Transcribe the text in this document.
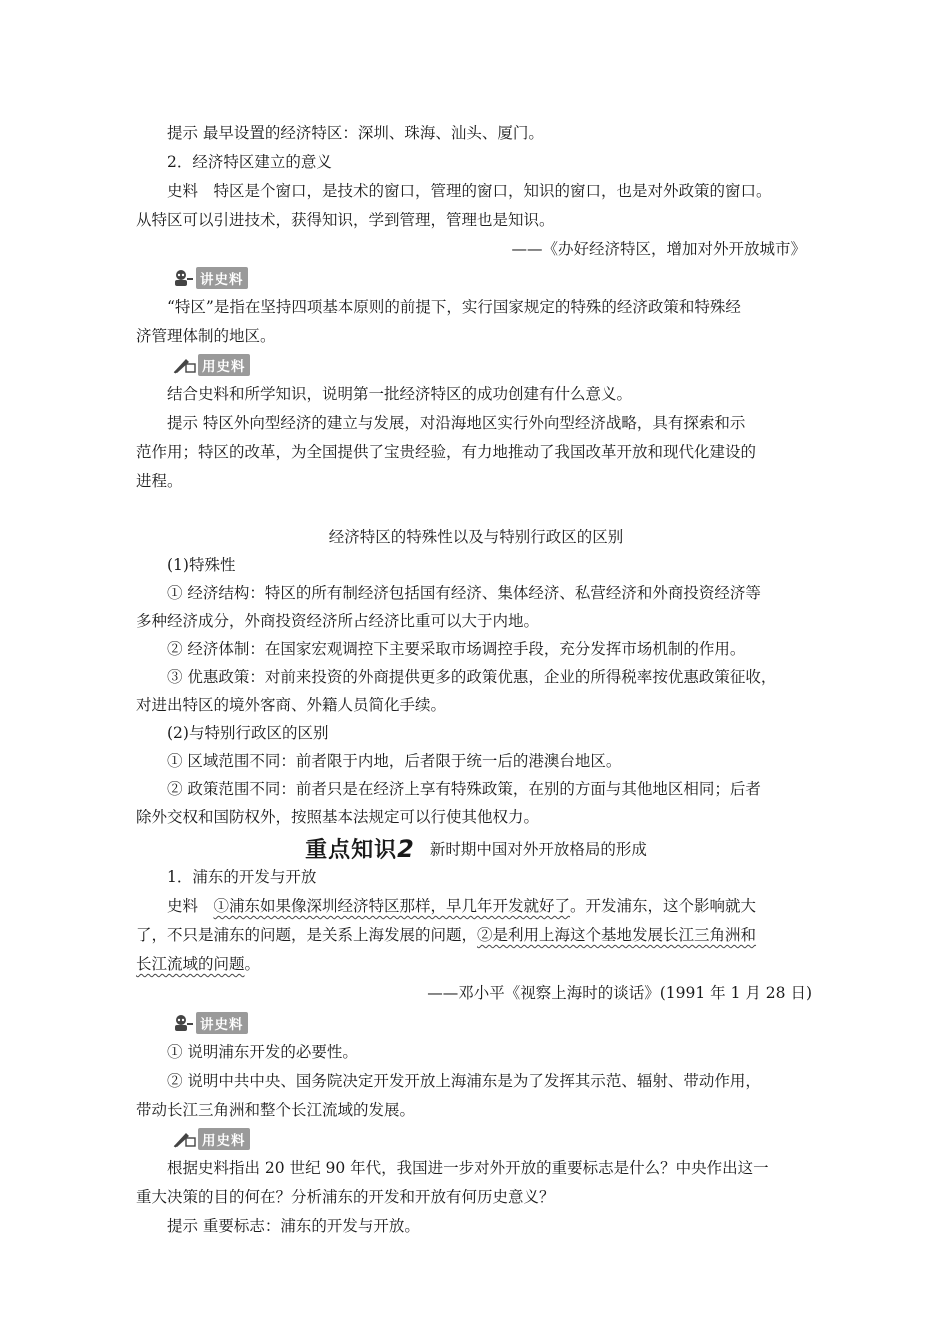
提示 最早设置的经济特区：深圳、珠海、汕头、厦门。
2．经济特区建立的意义
史料　特区是个窗口，是技术的窗口，管理的窗口，知识的窗口，也是对外政策的窗口。
从特区可以引进技术，获得知识，学到管理，管理也是知识。
——《办好经济特区，增加对外开放城市》
讲史料
“特区”是指在坚持四项基本原则的前提下，实行国家规定的特殊的经济政策和特殊经
济管理体制的地区。
用史料
结合史料和所学知识，说明第一批经济特区的成功创建有什么意义。
提示 特区外向型经济的建立与发展，对沿海地区实行外向型经济战略，具有探索和示
范作用；特区的改革，为全国提供了宝贵经验，有力地推动了我国改革开放和现代化建设的
进程。
经济特区的特殊性以及与特别行政区的区别
(1)特殊性
① 经济结构：特区的所有制经济包括国有经济、集体经济、私营经济和外商投资经济等
多种经济成分，外商投资经济所占经济比重可以大于内地。
② 经济体制：在国家宏观调控下主要采取市场调控手段，充分发挥市场机制的作用。
③ 优惠政策：对前来投资的外商提供更多的政策优惠，企业的所得税率按优惠政策征收，
对进出特区的境外客商、外籍人员简化手续。
(2)与特别行政区的区别
① 区域范围不同：前者限于内地，后者限于统一后的港澳台地区。
② 政策范围不同：前者只是在经济上享有特殊政策，在别的方面与其他地区相同；后者
除外交权和国防权外，按照基本法规定可以行使其他权力。
重点知识2 新时期中国对外开放格局的形成
1．浦东的开发与开放
史料　①浦东如果像深圳经济特区那样，早几年开发就好了。开发浦东，这个影响就大
了，不只是浦东的问题，是关系上海发展的问题，②是利用上海这个基地发展长江三角洲和
长江流域的问题。
——邓小平《视察上海时的谈话》(1991 年 1 月 28 日)
讲史料
① 说明浦东开发的必要性。
② 说明中共中央、国务院决定开发开放上海浦东是为了发挥其示范、辐射、带动作用，
带动长江三角洲和整个长江流域的发展。
用史料
根据史料指出 20 世纪 90 年代，我国进一步对外开放的重要标志是什么？中央作出这一
重大决策的目的何在？分析浦东的开发和开放有何历史意义？
提示 重要标志：浦东的开发与开放。
